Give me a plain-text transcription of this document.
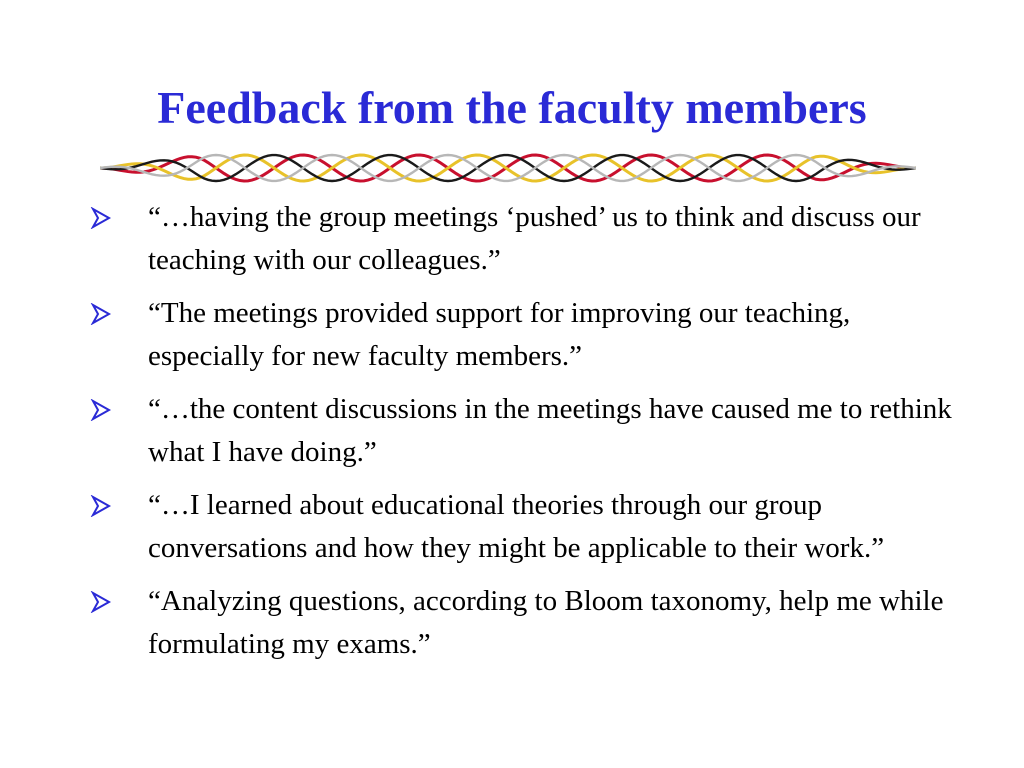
Feedback from the faculty members
“…having the group meetings ‘pushed’ us to think and discuss our teaching with our colleagues.”
“The meetings provided support for improving our teaching, especially for new faculty members.”
“…the content discussions in the meetings have caused me to rethink what I have doing.”
“…I learned about educational theories through our group conversations and how they might be applicable to their work.”
“Analyzing questions, according to Bloom taxonomy, help me while formulating my exams.”
